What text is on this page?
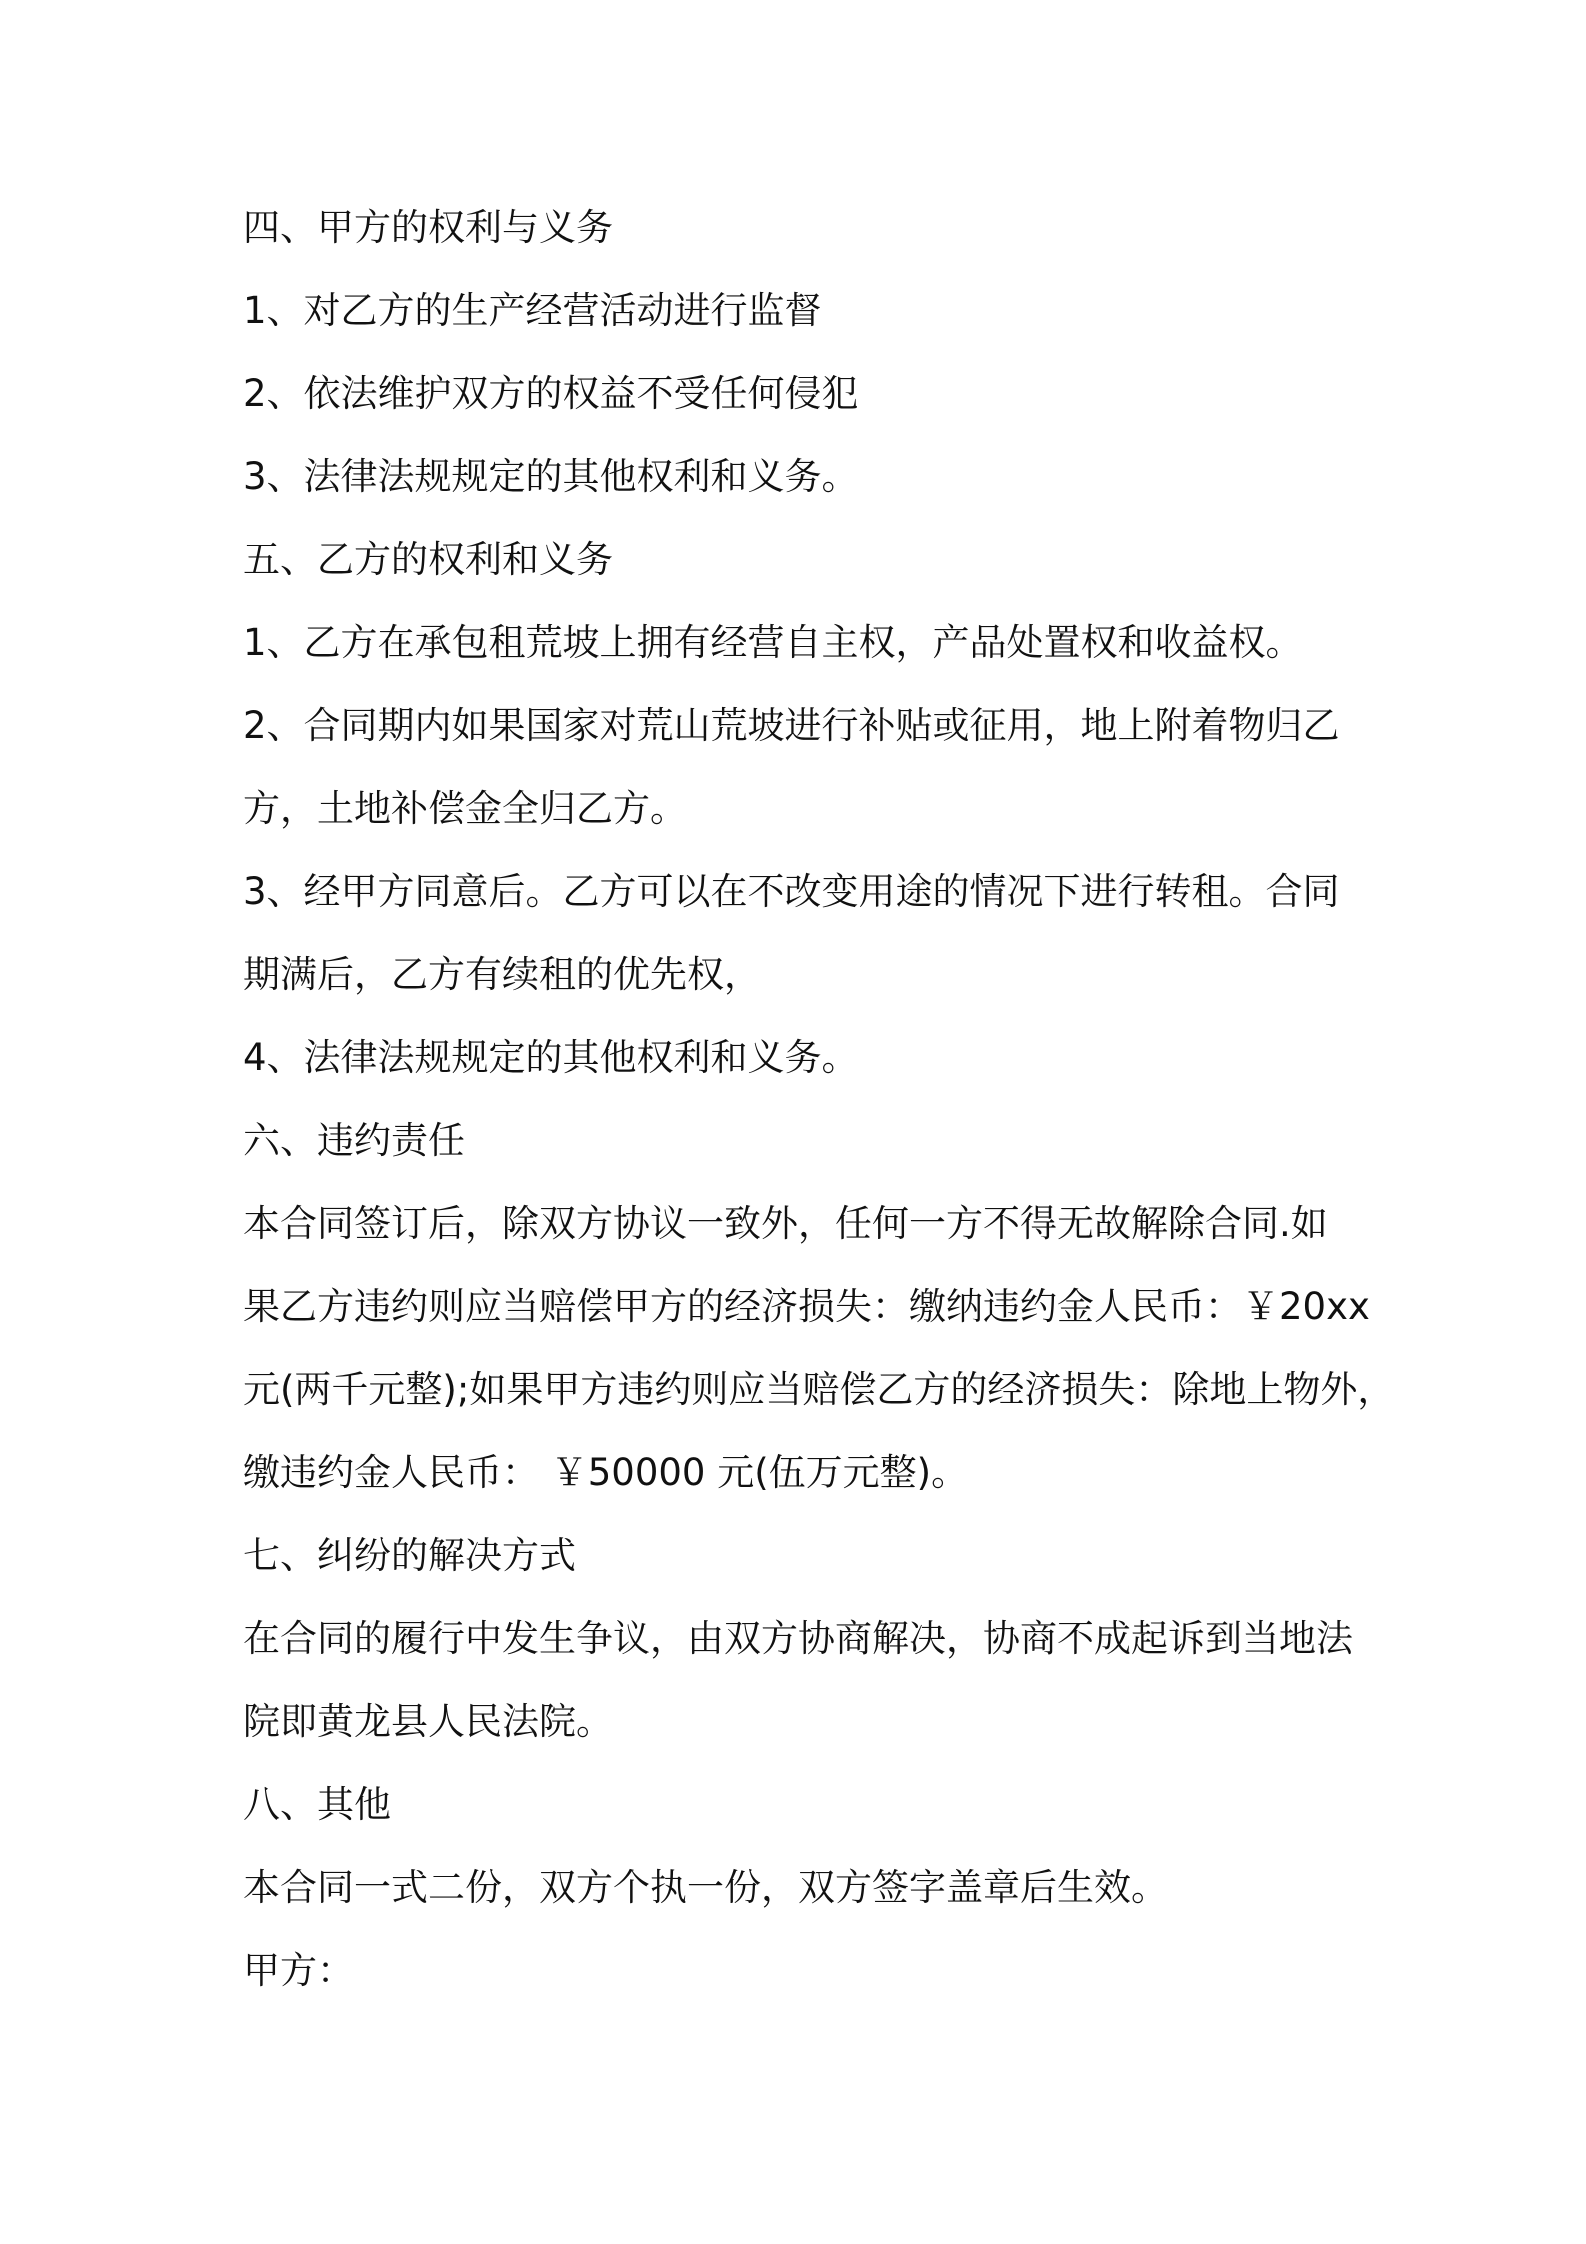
四、甲方的权利与义务
1、对乙方的生产经营活动进行监督
2、依法维护双方的权益不受任何侵犯
3、法律法规规定的其他权利和义务。
五、乙方的权利和义务
1、乙方在承包租荒坡上拥有经营自主权，产品处置权和收益权。
2、合同期内如果国家对荒山荒坡进行补贴或征用，地上附着物归乙
方，土地补偿金全归乙方。
3、经甲方同意后。乙方可以在不改变用途的情况下进行转租。合同
期满后，乙方有续租的优先权，
4、法律法规规定的其他权利和义务。
六、违约责任
本合同签订后，除双方协议一致外，任何一方不得无故解除合同.如
果乙方违约则应当赔偿甲方的经济损失：缴纳违约金人民币：￥20xx
元(两千元整);如果甲方违约则应当赔偿乙方的经济损失：除地上物外，
缴违约金人民币： ￥50000 元(伍万元整)。
七、纠纷的解决方式
在合同的履行中发生争议，由双方协商解决，协商不成起诉到当地法
院即黄龙县人民法院。
八、其他
本合同一式二份，双方个执一份，双方签字盖章后生效。
甲方：
